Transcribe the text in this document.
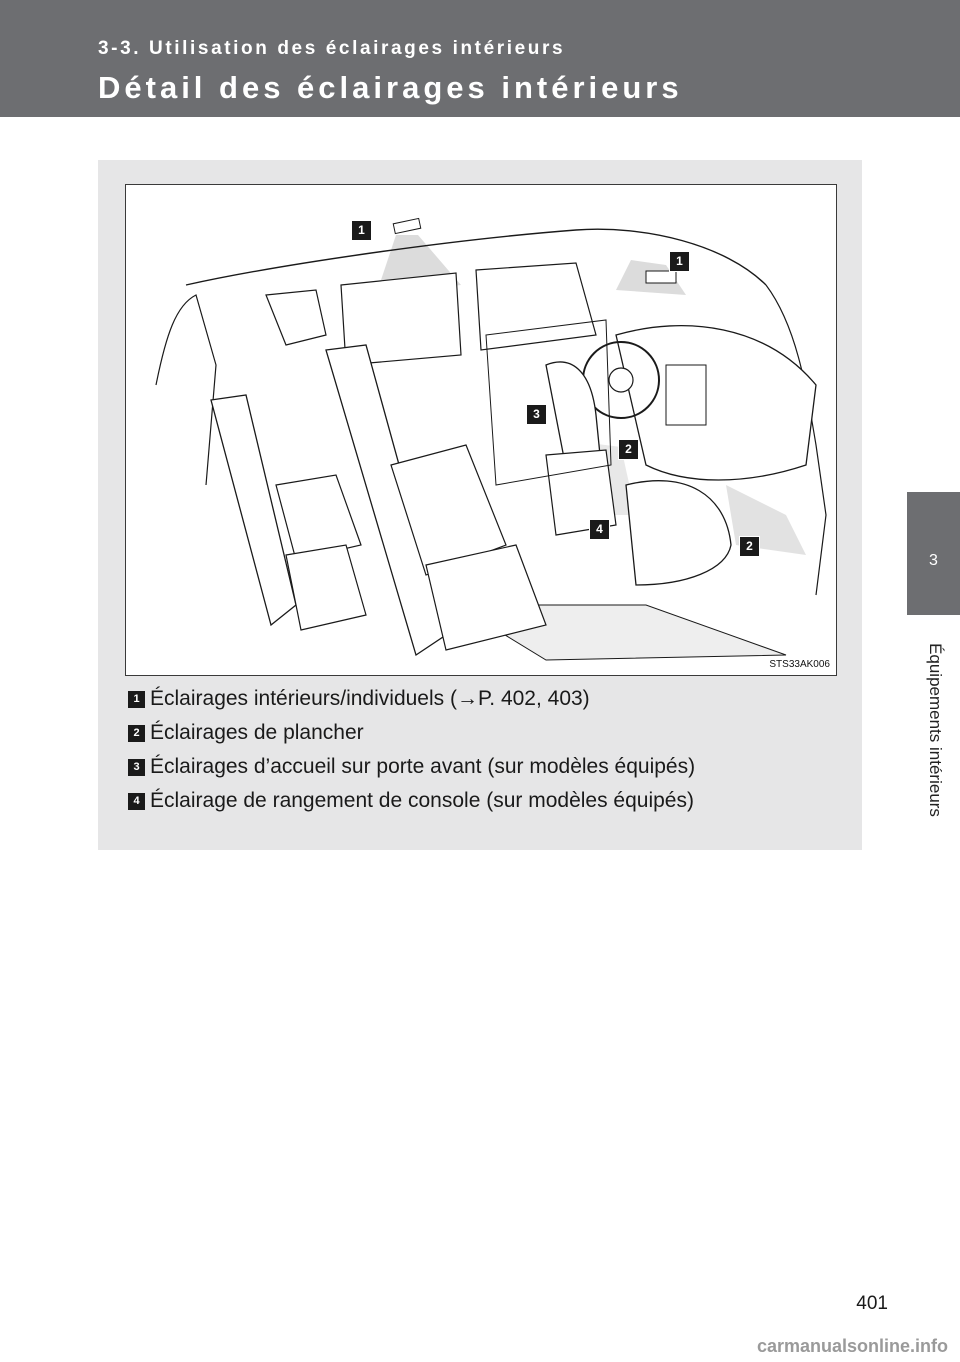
3-3. Utilisation des éclairages intérieurs
Détail des éclairages intérieurs
3
Équipements intérieurs
1
1
3
2
4
2
STS33AK006
1 Éclairages intérieurs/individuels (→P. 402, 403)
2 Éclairages de plancher
3 Éclairages d’accueil sur porte avant (sur modèles équipés)
4 Éclairage de rangement de console (sur modèles équipés)
401
carmanualsonline.info
